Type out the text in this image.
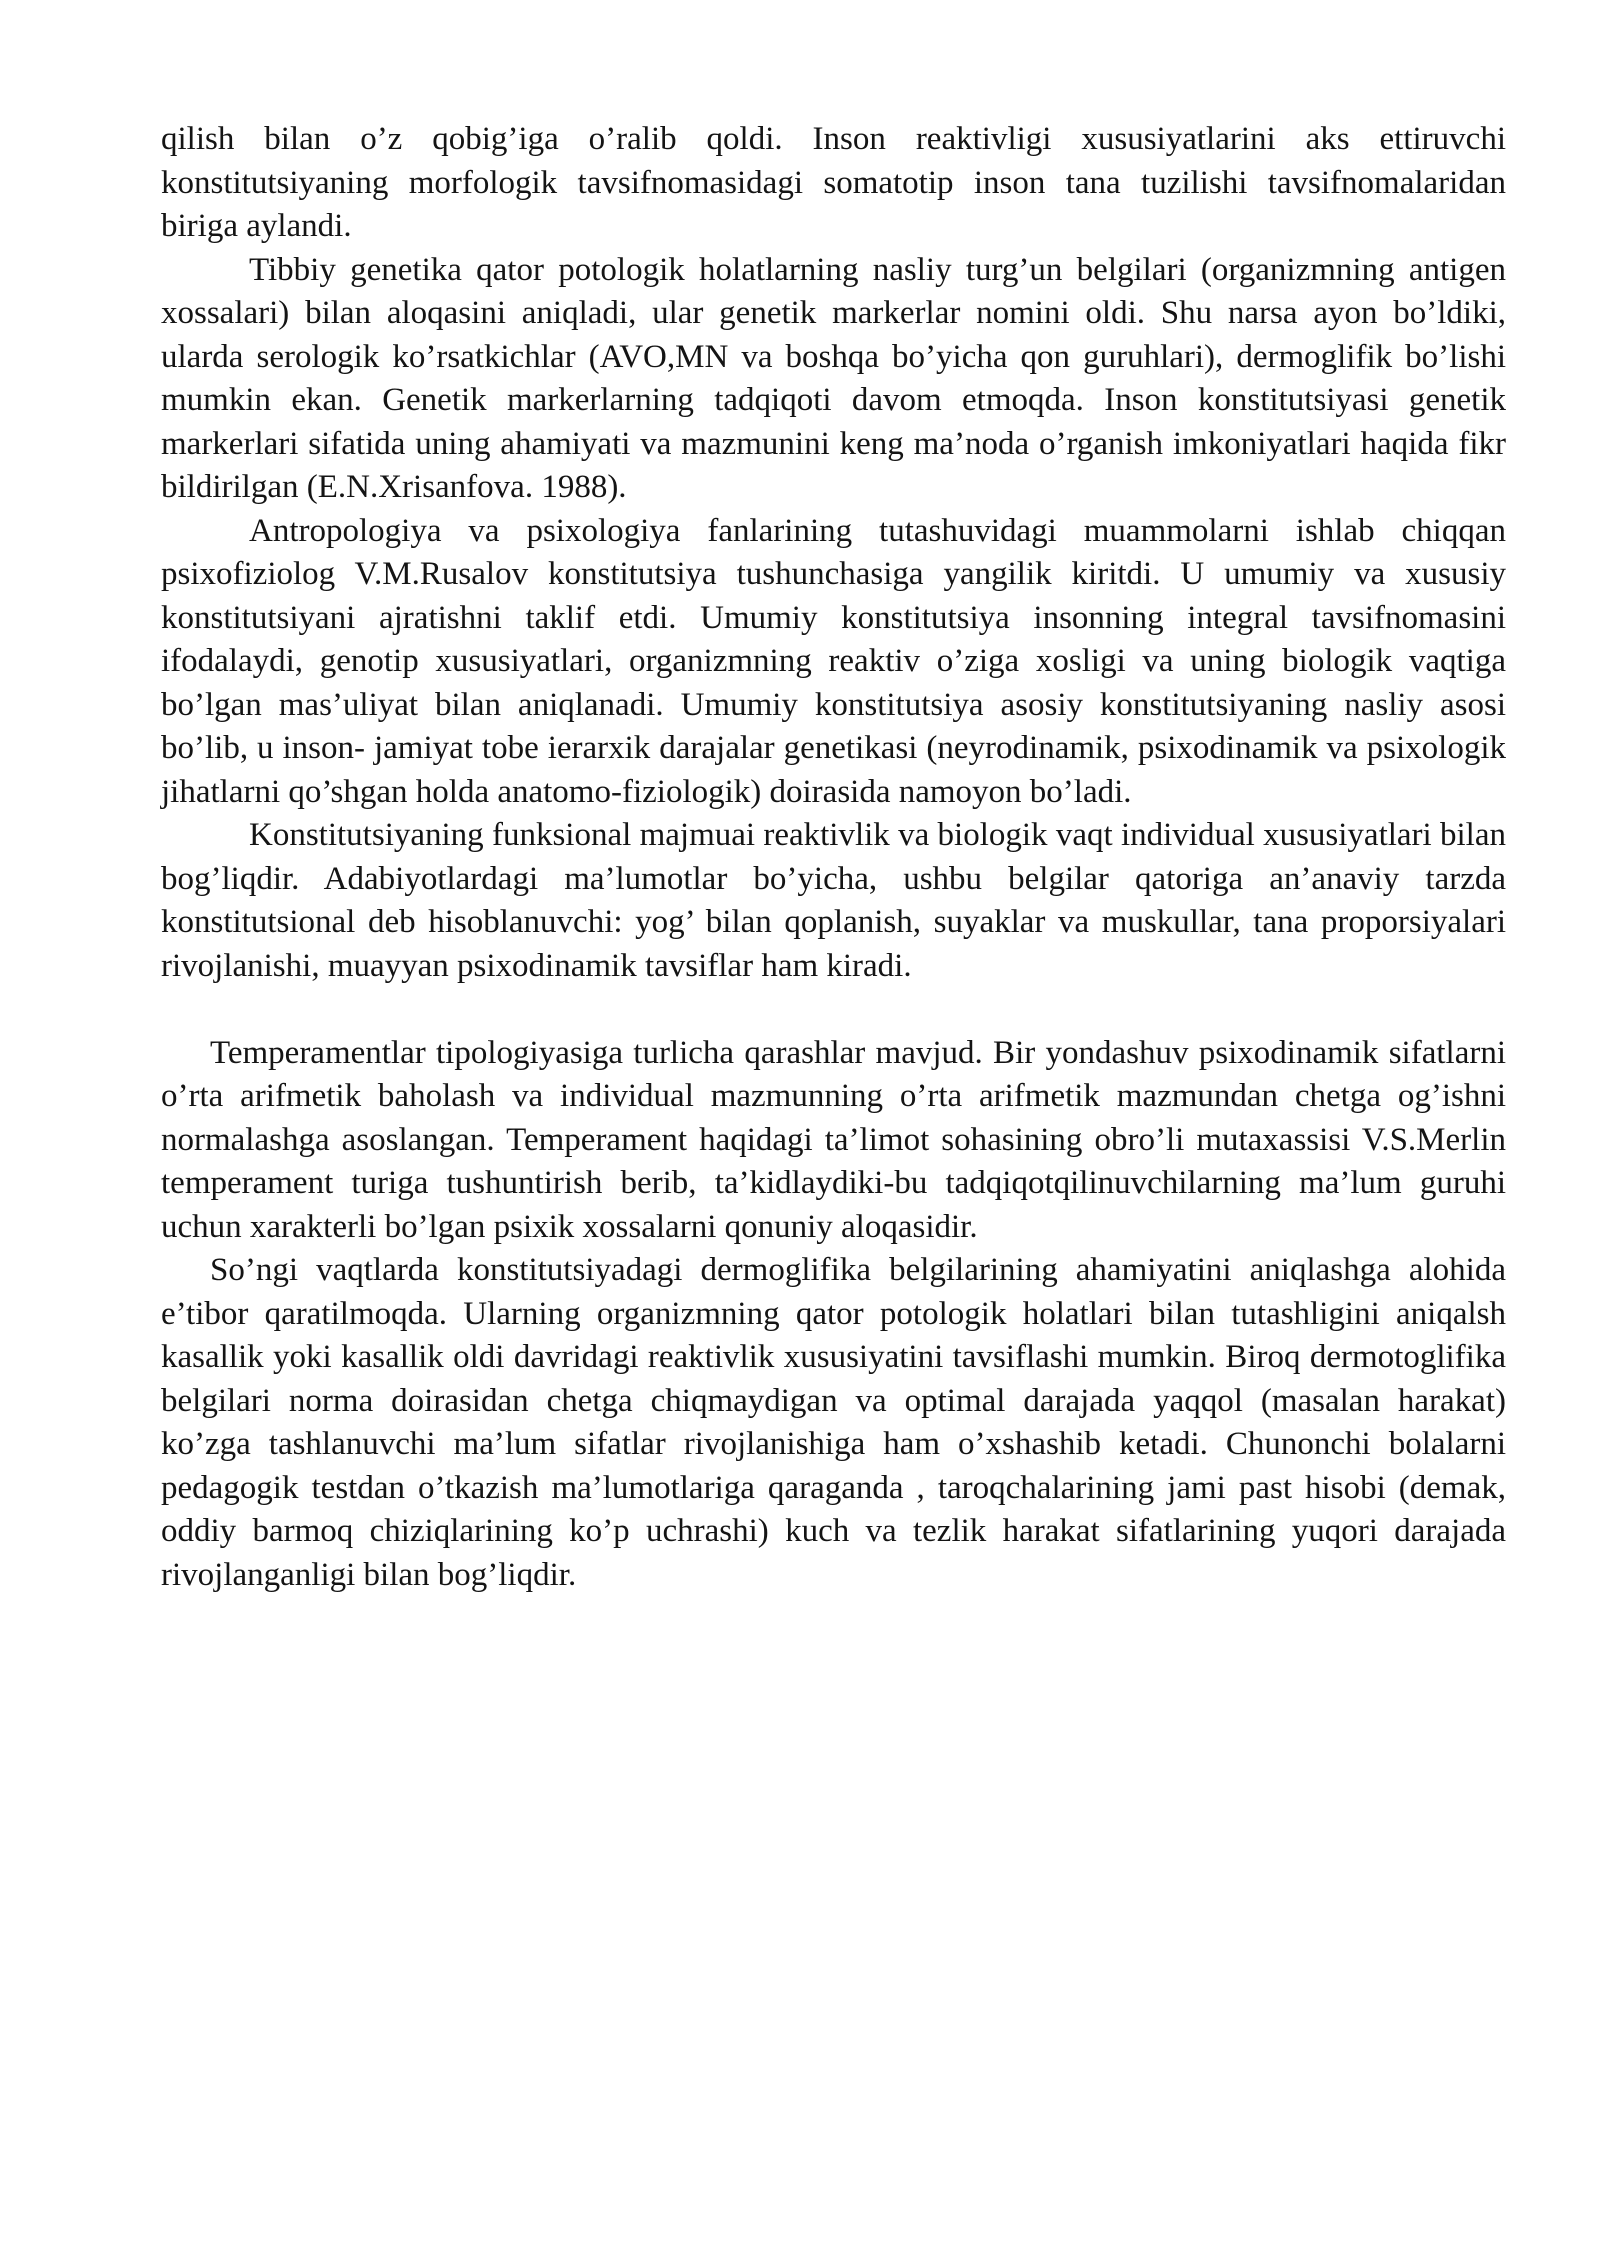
qilish bilan o’z qobig’iga o’ralib qoldi. Inson reaktivligi xususiyatlarini aks ettiruvchi konstitutsiyaning morfologik tavsifnomasidagi somatotip inson tana tuzilishi tavsifnomalaridan biriga aylandi.

Tibbiy genetika qator potologik holatlarning nasliy turg’un belgilari (organizmning antigen xossalari) bilan aloqasini aniqladi, ular genetik markerlar nomini oldi. Shu narsa ayon bo’ldiki, ularda serologik ko’rsatkichlar (AVO,MN va boshqa bo’yicha qon guruhlari), dermoglifik bo’lishi mumkin ekan. Genetik markerlarning tadqiqoti davom etmoqda. Inson konstitutsiyasi genetik markerlari sifatida uning ahamiyati va mazmunini keng ma’noda o’rganish imkoniyatlari haqida fikr bildirilgan (E.N.Xrisanfova. 1988).

Antropologiya va psixologiya fanlarining tutashuvidagi muammolarni ishlab chiqqan psixofiziolog V.M.Rusalov konstitutsiya tushunchasiga yangilik kiritdi. U umumiy va xususiy konstitutsiyani ajratishni taklif etdi. Umumiy konstitutsiya insonning integral tavsifnomasini ifodalaydi, genotip xususiyatlari, organizmning reaktiv o’ziga xosligi va uning biologik vaqtiga bo’lgan mas’uliyat bilan aniqlanadi. Umumiy konstitutsiya asosiy konstitutsiyaning nasliy asosi bo’lib, u inson- jamiyat tobe ierarxik darajalar genetikasi (neyrodinamik, psixodinamik va psixologik jihatlarni qo’shgan holda anatomo-fiziologik) doirasida namoyon bo’ladi.

Konstitutsiyaning funksional majmuai reaktivlik va biologik vaqt individual xususiyatlari bilan bog’liqdir. Adabiyotlardagi ma’lumotlar bo’yicha, ushbu belgilar qatoriga an’anaviy tarzda konstitutsional deb hisoblanuvchi: yog’ bilan qoplanish, suyaklar va muskullar, tana proporsiyalari rivojlanishi, muayyan psixodinamik tavsiflar ham kiradi.

Temperamentlar tipologiyasiga turlicha qarashlar mavjud. Bir yondashuv psixodinamik sifatlarni o’rta arifmetik baholash va individual mazmunning o’rta arifmetik mazmundan chetga og’ishni normalashga asoslangan. Temperament haqidagi ta’limot sohasining obro’li mutaxassisi V.S.Merlin temperament turiga tushuntirish berib, ta’kidlaydiki-bu tadqiqotqilinuvchilarning ma’lum guruhi uchun xarakterli bo’lgan psixik xossalarni qonuniy aloqasidir.

So’ngi vaqtlarda konstitutsiyadagi dermoglifika belgilarining ahamiyatini aniqlashga alohida e’tibor qaratilmoqda. Ularning organizmning qator potologik holatlari bilan tutashligini aniqalsh kasallik yoki kasallik oldi davridagi reaktivlik xususiyatini tavsiflashi mumkin. Biroq dermotoglifika belgilari norma doirasidan chetga chiqmaydigan va optimal darajada yaqqol (masalan harakat) ko’zga tashlanuvchi ma’lum sifatlar rivojlanishiga ham o’xshashib ketadi. Chunonchi bolalarni pedagogik testdan o’tkazish ma’lumotlariga qaraganda , taroqchalarining jami past hisobi (demak, oddiy barmoq chiziqlarining ko’p uchrashi) kuch va tezlik harakat sifatlarining yuqori darajada rivojlanganligi bilan bog’liqdir.
